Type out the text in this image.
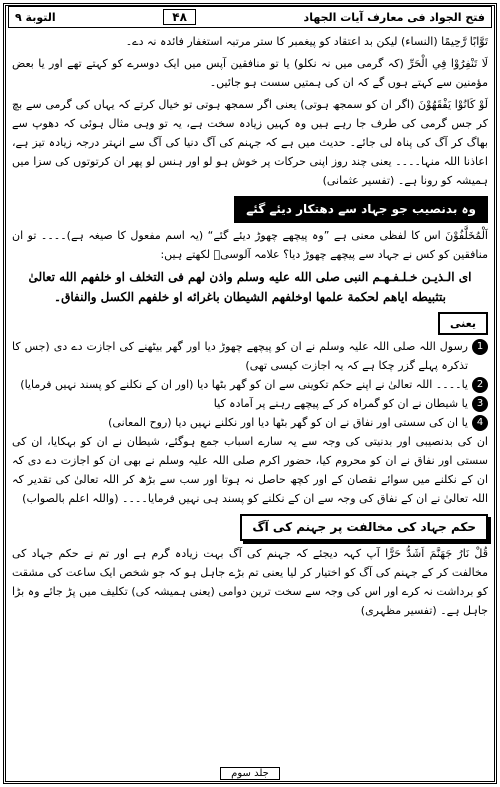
فتح الجواد فی معارف آیات الجهاد
۴۸
التوبة ۹

تَوَّابًا رَّحِيمًا (النساء) لیکن بد اعتقاد کو پیغمبر کا ستر مرتبہ استغفار فائدہ نہ دے۔

لَا تَنْفِرُوْا فِي الْحَرِّ (کہ گرمی میں نہ نکلو) یا تو منافقین آپس میں ایک دوسرے کو کہتے تھے اور یا بعض مؤمنین سے کہتے ہوں گے کہ ان کی ہمتیں سست ہو جائیں۔

لَوْ كَانُوْا يَفْقَهُوْنَ (اگر ان کو سمجھ ہوتی) یعنی اگر سمجھ ہوتی تو خیال کرتے کہ یہاں کی گرمی سے بچ کر جس گرمی کی طرف جا رہے ہیں وہ کہیں زیادہ سخت ہے، یہ تو وہی مثال ہوئی کہ دھوپ سے بھاگ کر آگ کی پناہ لی جائے۔ حدیث میں ہے کہ جہنم کی آگ دنیا کی آگ سے انہتر درجہ زیادہ تیز ہے، اعاذنا اللہ منہا۔۔۔۔ یعنی چند روز اپنی حرکات پر خوش ہو لو اور ہنس لو پھر ان کرتوتوں کی سزا میں ہمیشہ کو رونا ہے۔ (تفسیر عثمانی)

وہ بدنصیب جو جہاد سے دھتکار دیئے گئے

اَلْمُخَلَّفُوْنَ اس کا لفظی معنی ہے ”وہ پیچھے چھوڑ دیئے گئے“ (یہ اسم مفعول کا صیغہ ہے)۔۔۔۔ تو ان منافقین کو کس نے جہاد سے پیچھے چھوڑ دیا؟ علامہ آلوسیؒ لکھتے ہیں:

ای الـذیـن خـلـفـهـم النبی صلی الله علیه وسلم واذن لهم فی التخلف او خلفهم الله تعالیٰ بتثبیطه ایاهم لحکمة علمها اوخلفهم الشیطان باغرائه او خلفهم الکسل والنفاق۔

یعنی
1
رسول اللہ صلی اللہ علیہ وسلم نے ان کو پیچھے چھوڑ دیا اور گھر بیٹھنے کی اجازت دے دی (جس کا تذکرہ پہلے گزر چکا ہے کہ یہ اجازت کیسی تھی)
2
یا۔۔۔۔ اللہ تعالیٰ نے اپنے حکم تکوینی سے ان کو گھر بٹھا دیا (اور ان کے نکلنے کو پسند نہیں فرمایا)
3
یا شیطان نے ان کو گمراہ کر کے پیچھے رہنے پر آمادہ کیا
4
یا ان کی سستی اور نفاق نے ان کو گھر بٹھا دیا اور نکلنے نہیں دیا (روح المعانی)

ان کی بدنصیبی اور بدنیتی کی وجہ سے یہ سارے اسباب جمع ہوگئے، شیطان نے ان کو بہکایا، ان کی سستی اور نفاق نے ان کو محروم کیا، حضور اکرم صلی اللہ علیہ وسلم نے بھی ان کو اجازت دے دی کہ ان کے نکلنے میں سوائے نقصان کے اور کچھ حاصل نہ ہوتا اور سب سے بڑھ کر اللہ تعالیٰ کی تقدیر کہ اللہ تعالیٰ نے ان کے نفاق کی وجہ سے ان کے نکلنے کو پسند ہی نہیں فرمایا۔۔۔۔ (واللہ اعلم بالصواب)

حکم جہاد کی مخالفت پر جہنم کی آگ

قُلْ نَارُ جَهَنَّمَ اَشَدُّ حَرًّا آپ کہہ دیجئے کہ جہنم کی آگ بہت زیادہ گرم ہے اور تم نے حکم جہاد کی مخالفت کر کے جہنم کی آگ کو اختیار کر لیا یعنی تم بڑے جاہل ہو کہ جو شخص ایک ساعت کی مشقت کو برداشت نہ کرے اور اس کی وجہ سے سخت ترین دوامی (یعنی ہمیشہ کی) تکلیف میں پڑ جائے وہ بڑا جاہل ہے۔ (تفسیر مظہری)

جلد سوم
